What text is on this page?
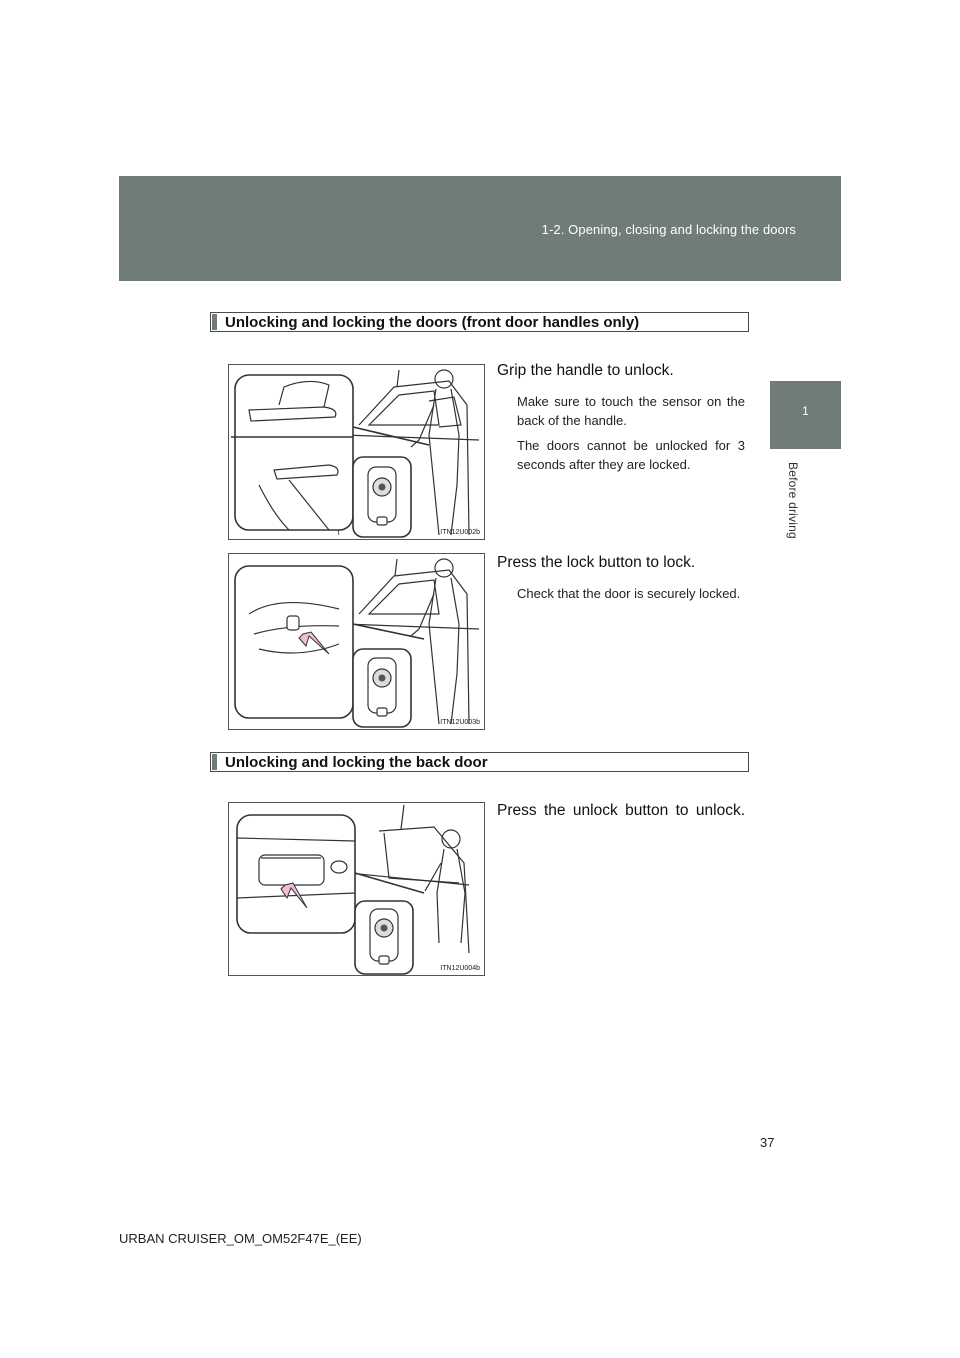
1-2. Opening, closing and locking the doors
1
Before driving
Unlocking and locking the doors (front door handles only)
ITN12U002b
Grip the handle to unlock.
Make sure to touch the sensor on the back of the handle.
The doors cannot be unlocked for 3 seconds after they are locked.
ITN12U003b
Press the lock button to lock.
Check that the door is securely locked.
Unlocking and locking the back door
ITN12U004b
Press the unlock button to unlock.
37
URBAN CRUISER_OM_OM52F47E_(EE)
